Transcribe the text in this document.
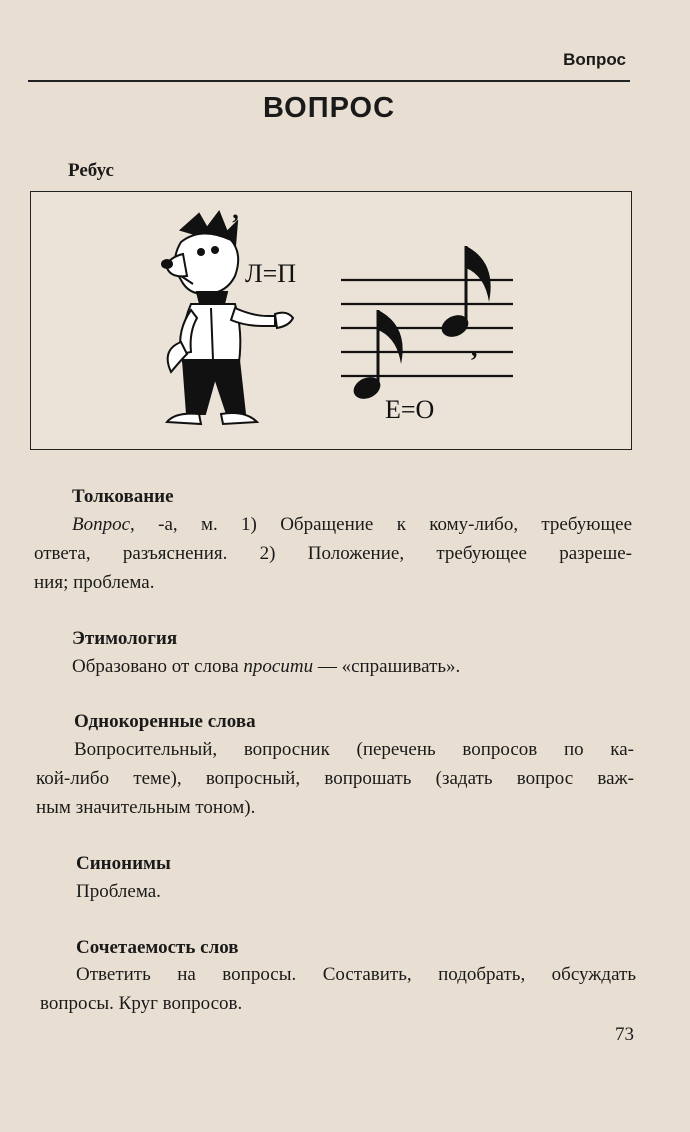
Вопрос
ВОПРОС
Ребус
’
Л=П
,
Е=О
Толкование
Вопрос, -а, м. 1) Обращение к кому-либо, требующее
ответа, разъяснения. 2) Положение, требующее разреше-
ния; проблема.
Этимология
Образовано от слова просити — «спрашивать».
Однокоренные слова
Вопросительный, вопросник (перечень вопросов по ка-
кой-либо теме), вопросный, вопрошать (задать вопрос важ-
ным значительным тоном).
Синонимы
Проблема.
Сочетаемость слов
Ответить на вопросы. Составить, подобрать, обсуждать
вопросы. Круг вопросов.
73
